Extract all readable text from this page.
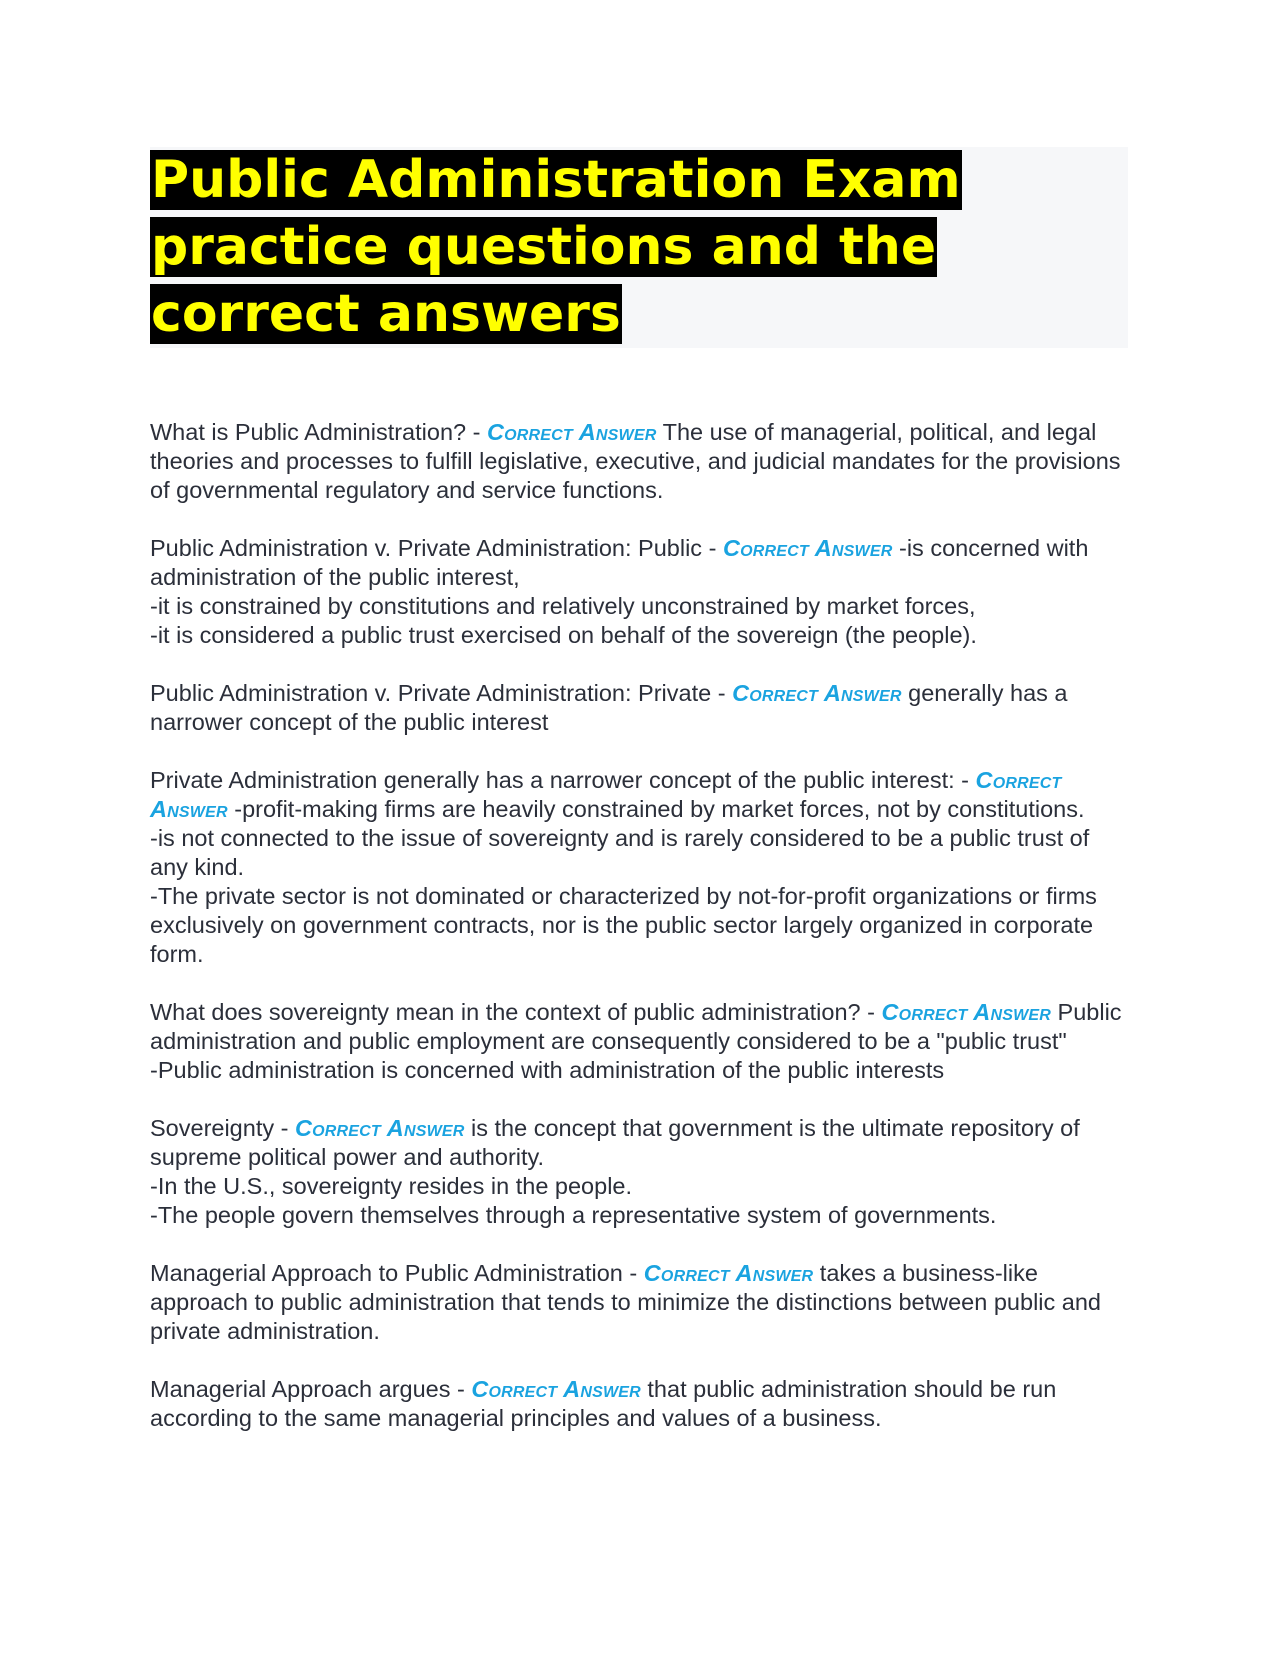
Public Administration Exam practice questions and the correct answers

What is Public Administration? - Correct Answer The use of managerial, political, and legal theories and processes to fulfill legislative, executive, and judicial mandates for the provisions of governmental regulatory and service functions.

Public Administration v. Private Administration: Public - Correct Answer -is concerned with administration of the public interest,
-it is constrained by constitutions and relatively unconstrained by market forces,
-it is considered a public trust exercised on behalf of the sovereign (the people).

Public Administration v. Private Administration: Private - Correct Answer generally has a narrower concept of the public interest

Private Administration generally has a narrower concept of the public interest: - Correct Answer -profit-making firms are heavily constrained by market forces, not by constitutions.
-is not connected to the issue of sovereignty and is rarely considered to be a public trust of any kind.
-The private sector is not dominated or characterized by not-for-profit organizations or firms exclusively on government contracts, nor is the public sector largely organized in corporate form.

What does sovereignty mean in the context of public administration? - Correct Answer Public administration and public employment are consequently considered to be a "public trust"
-Public administration is concerned with administration of the public interests

Sovereignty - Correct Answer is the concept that government is the ultimate repository of supreme political power and authority.
-In the U.S., sovereignty resides in the people.
-The people govern themselves through a representative system of governments.

Managerial Approach to Public Administration - Correct Answer takes a business-like approach to public administration that tends to minimize the distinctions between public and private administration.

Managerial Approach argues - Correct Answer that public administration should be run according to the same managerial principles and values of a business.
